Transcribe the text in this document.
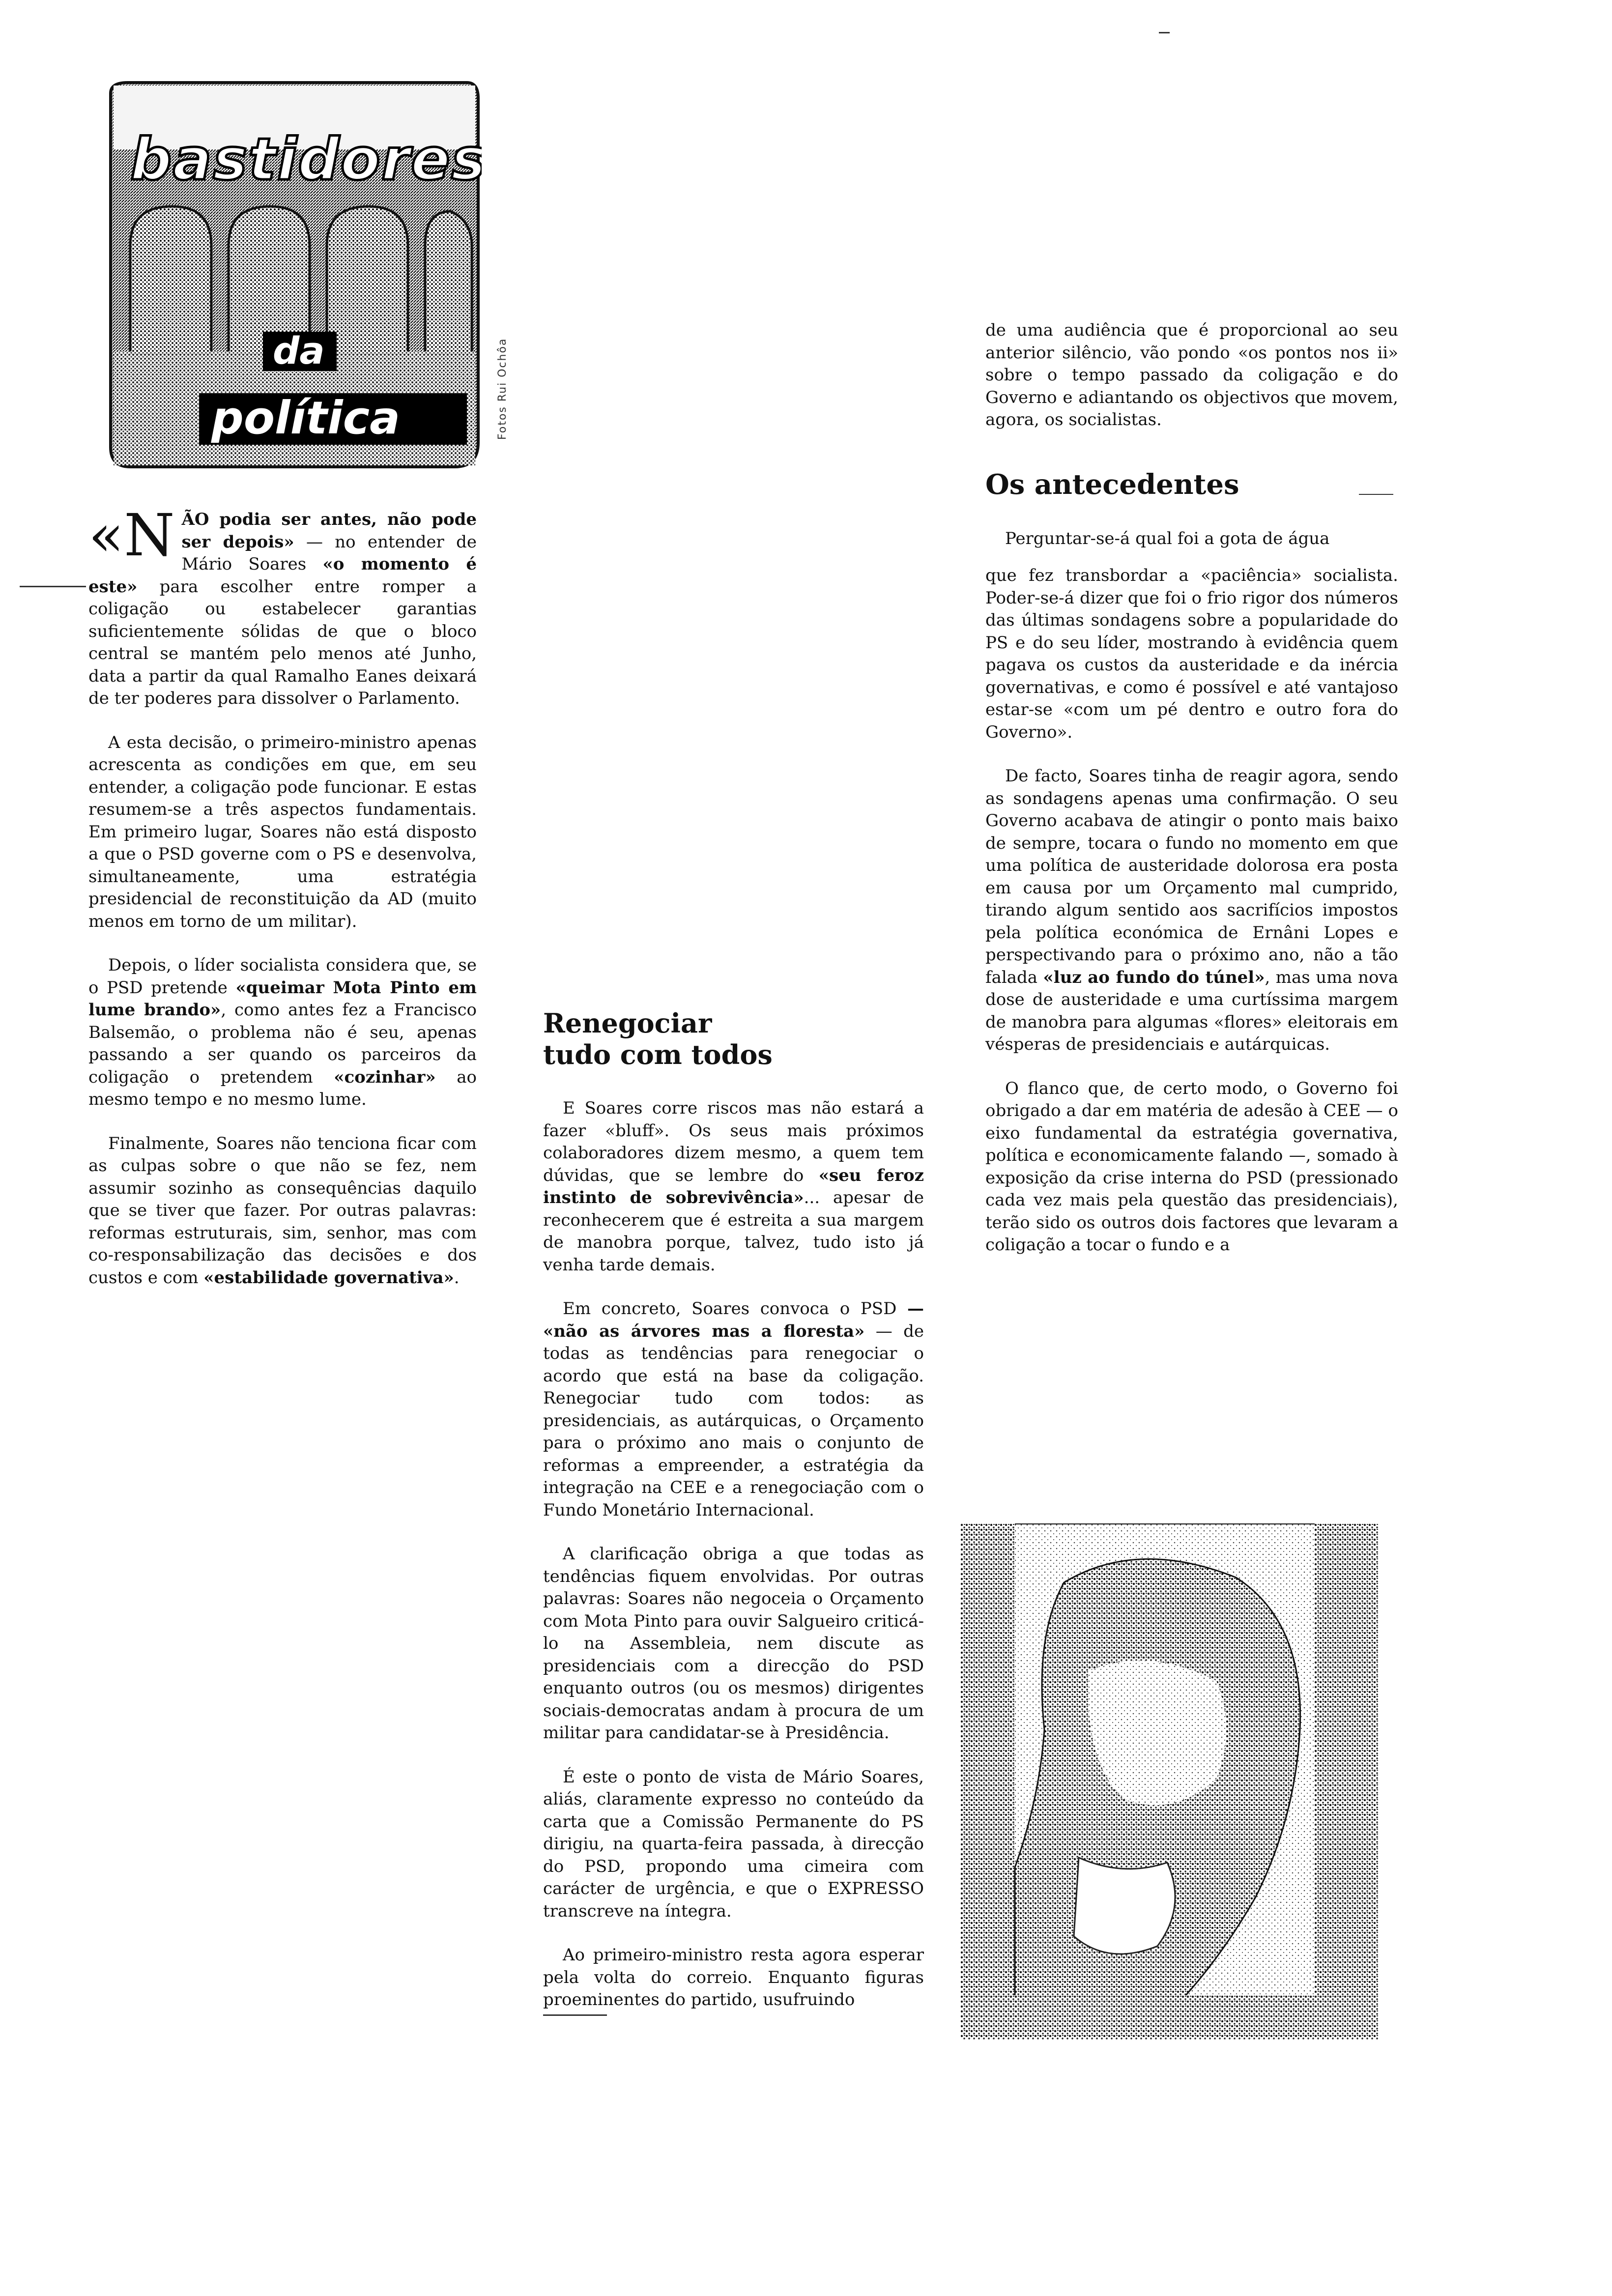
bastidores
da
política	Fotos Rui Ochôa

«N ÃO podia ser antes, não pode ser depois» — no entender de Mário Soares «o momento é este» para escolher entre romper a coligação ou estabelecer garantias suficientemente sólidas de que o bloco central se mantém pelo menos até Junho, data a partir da qual Ramalho Eanes deixará de ter poderes para dissolver o Parlamento.

A esta decisão, o primeiro-ministro apenas acrescenta as condições em que, em seu entender, a coligação pode funcionar. E estas resumem-se a três aspectos fundamentais. Em primeiro lugar, Soares não está disposto a que o PSD governe com o PS e desenvolva, simultaneamente, uma estratégia presidencial de reconstituição da AD (muito menos em torno de um militar).

Depois, o líder socialista considera que, se o PSD pretende «queimar Mota Pinto em lume brando», como antes fez a Francisco Balsemão, o problema não é seu, apenas passando a ser quando os parceiros da coligação o pretendem «cozinhar» ao mesmo tempo e no mesmo lume.

Finalmente, Soares não tenciona ficar com as culpas sobre o que não se fez, nem assumir sozinho as consequências daquilo que se tiver que fazer. Por outras palavras: reformas estruturais, sim, senhor, mas com co-responsabilização das decisões e dos custos e com «estabilidade governativa».

Renegociar tudo com todos

E Soares corre riscos mas não estará a fazer «bluff». Os seus mais próximos colaboradores dizem mesmo, a quem tem dúvidas, que se lembre do «seu feroz instinto de sobrevivência»... apesar de reconhecerem que é estreita a sua margem de manobra porque, talvez, tudo isto já venha tarde demais.

Em concreto, Soares convoca o PSD — «não as árvores mas a floresta» — de todas as tendências para renegociar o acordo que está na base da coligação. Renegociar tudo com todos: as presidenciais, as autárquicas, o Orçamento para o próximo ano mais o conjunto de reformas a empreender, a estratégia da integração na CEE e a renegociação com o Fundo Monetário Internacional.

A clarificação obriga a que todas as tendências fiquem envolvidas. Por outras palavras: Soares não negoceia o Orçamento com Mota Pinto para ouvir Salgueiro criticá-lo na Assembleia, nem discute as presidenciais com a direcção do PSD enquanto outros (ou os mesmos) dirigentes sociais-democratas andam à procura de um militar para candidatar-se à Presidência.

É este o ponto de vista de Mário Soares, aliás, claramente expresso no conteúdo da carta que a Comissão Permanente do PS dirigiu, na quarta-feira passada, à direcção do PSD, propondo uma cimeira com carácter de urgência, e que o EXPRESSO transcreve na íntegra.

Ao primeiro-ministro resta agora esperar pela volta do correio. Enquanto figuras proeminentes do partido, usufruindo

de uma audiência que é proporcional ao seu anterior silêncio, vão pondo «os pontos nos ii» sobre o tempo passado da coligação e do Governo e adiantando os objectivos que movem, agora, os socialistas.

Os antecedentes

Perguntar-se-á qual foi a gota de água

que fez transbordar a «paciência» socialista. Poder-se-á dizer que foi o frio rigor dos números das últimas sondagens sobre a popularidade do PS e do seu líder, mostrando à evidência quem pagava os custos da austeridade e da inércia governativas, e como é possível e até vantajoso estar-se «com um pé dentro e outro fora do Governo».

De facto, Soares tinha de reagir agora, sendo as sondagens apenas uma confirmação. O seu Governo acabava de atingir o ponto mais baixo de sempre, tocara o fundo no momento em que uma política de austeridade dolorosa era posta em causa por um Orçamento mal cumprido, tirando algum sentido aos sacrifícios impostos pela política económica de Ernâni Lopes e perspectivando para o próximo ano, não a tão falada «luz ao fundo do túnel», mas uma nova dose de austeridade e uma curtíssima margem de manobra para algumas «flores» eleitorais em vésperas de presidenciais e autárquicas.

O flanco que, de certo modo, o Governo foi obrigado a dar em matéria de adesão à CEE — o eixo fundamental da estratégia governativa, política e economicamente falando —, somado à exposição da crise interna do PSD (pressionado cada vez mais pela questão das presidenciais), terão sido os outros dois factores que levaram a coligação a tocar o fundo e a
